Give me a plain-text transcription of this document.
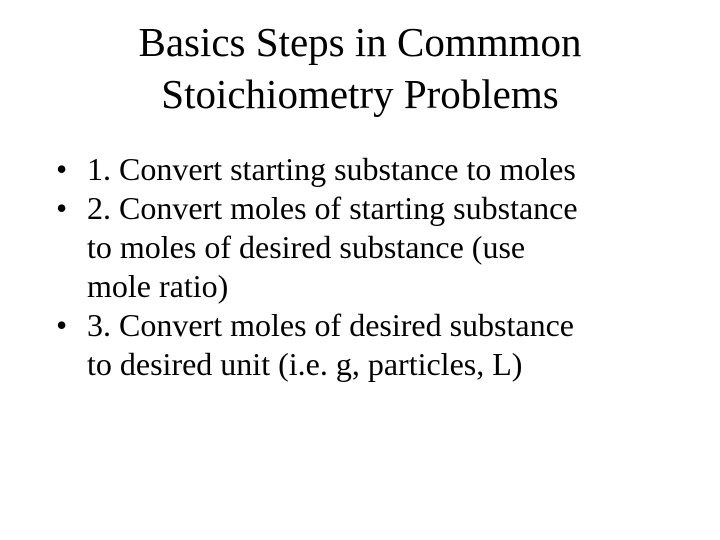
Basics Steps in Commmon
Stoichiometry Problems
• 1. Convert starting substance to moles
• 2. Convert moles of starting substance
to moles of desired substance (use
mole ratio)
• 3. Convert moles of desired substance
to desired unit (i.e. g, particles, L)
